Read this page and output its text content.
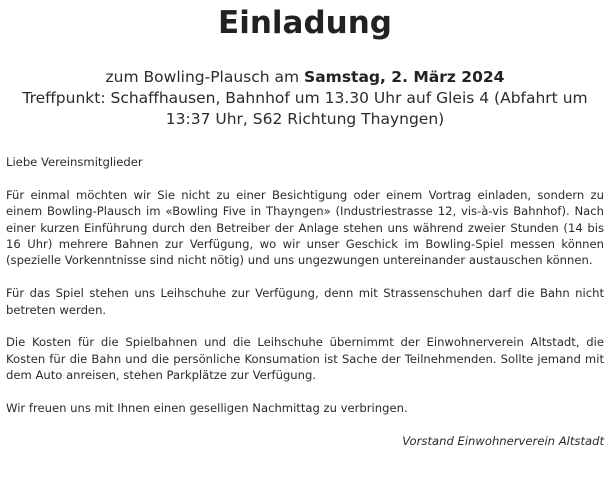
Einladung

zum Bowling-Plausch am Samstag, 2. März 2024

Treffpunkt: Schaffhausen, Bahnhof um 13.30 Uhr auf Gleis 4 (Abfahrt um 13:37 Uhr, S62 Richtung Thayngen)

Liebe Vereinsmitglieder

Für einmal möchten wir Sie nicht zu einer Besichtigung oder einem Vortrag einladen, sondern zu einem Bowling-Plausch im «Bowling Five in Thayngen» (Industriestrasse 12, vis-à-vis Bahnhof). Nach einer kurzen Einführung durch den Betreiber der Anlage stehen uns während zweier Stunden (14 bis 16 Uhr) mehrere Bahnen zur Verfügung, wo wir unser Geschick im Bowling-Spiel messen können (spezielle Vorkenntnisse sind nicht nötig) und uns ungezwungen untereinander austauschen können.

Für das Spiel stehen uns Leihschuhe zur Verfügung, denn mit Strassenschuhen darf die Bahn nicht betreten werden.

Die Kosten für die Spielbahnen und die Leihschuhe übernimmt der Einwohnerverein Altstadt, die Kosten für die Bahn und die persönliche Konsumation ist Sache der Teilnehmenden. Sollte jemand mit dem Auto anreisen, stehen Parkplätze zur Verfügung.

Wir freuen uns mit Ihnen einen geselligen Nachmittag zu verbringen.

Vorstand Einwohnerverein Altstadt
